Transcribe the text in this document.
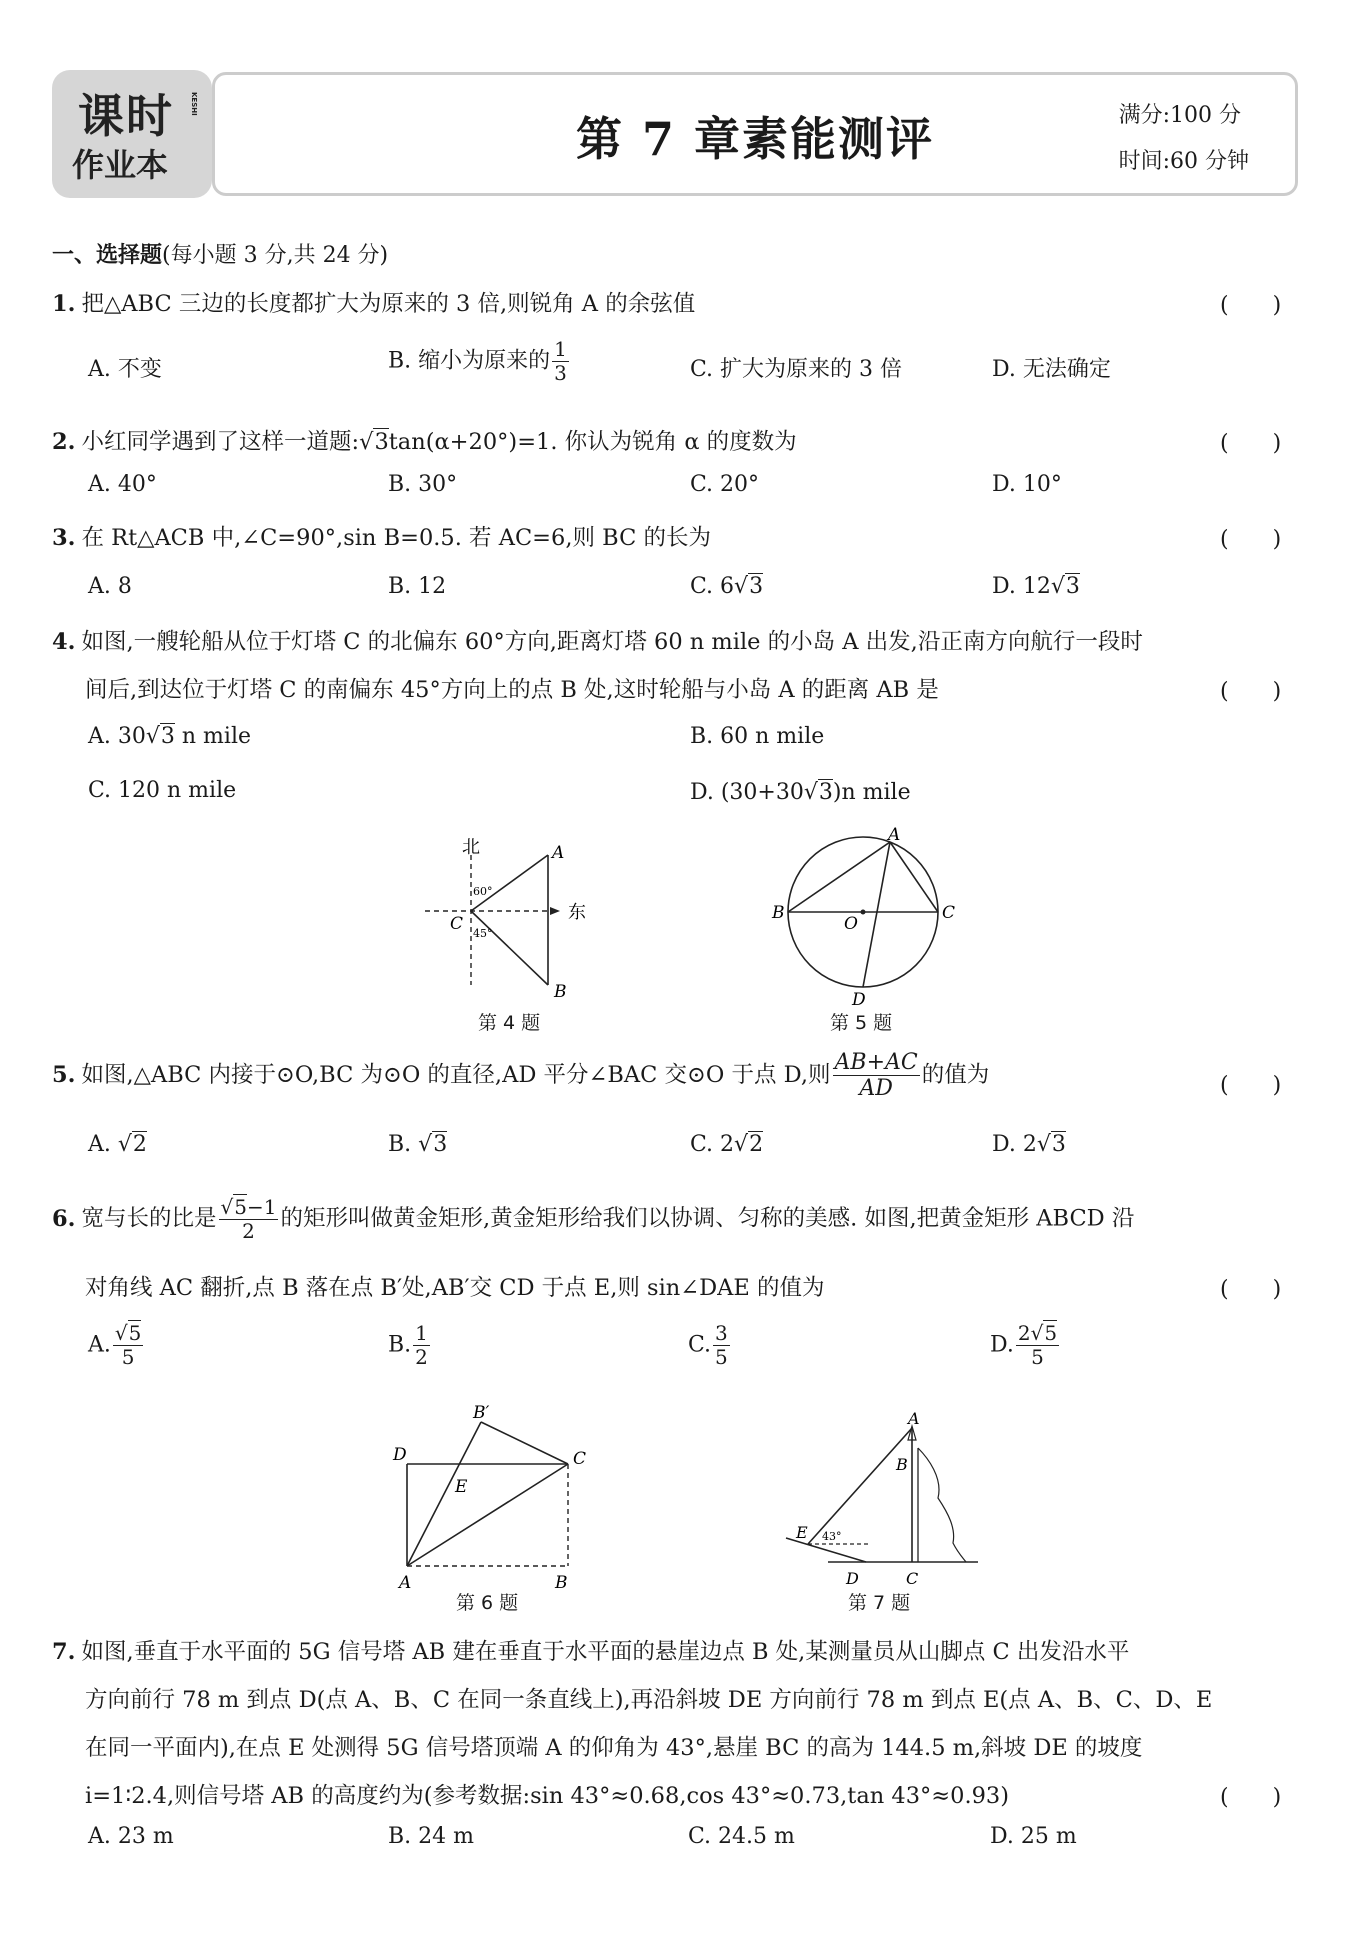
课时
作业本
KESHI
第 7 章素能测评	满分:100 分
时间:60 分钟
一、选择题(每小题 3 分,共 24 分)
1. 把△ABC 三边的长度都扩大为原来的 3 倍,则锐角 A 的余弦值	(　　)
A. 不变	B. 缩小为原来的 $\frac{1}{3}$	C. 扩大为原来的 3 倍	D. 无法确定
2. 小红同学遇到了这样一道题:√3tan(α+20°)=1. 你认为锐角 α 的度数为	(　　)
A. 40°	B. 30°	C. 20°	D. 10°
3. 在 Rt△ACB 中,∠C=90°,sin B=0.5. 若 AC=6,则 BC 的长为	(　　)
A. 8	B. 12	C. 6√3	D. 12√3
4. 如图,一艘轮船从位于灯塔 C 的北偏东 60°方向,距离灯塔 60 n mile 的小岛 A 出发,沿正南方向航行一段时
间后,到达位于灯塔 C 的南偏东 45°方向上的点 B 处,这时轮船与小岛 A 的距离 AB 是	(　　)
A. 30√3 n mile	B. 60 n mile
C. 120 n mile	D. (30+30√3)n mile
北
东
A
B
C
60°
45°
第 4 题
A
B	C
D
O
第 5 题
5. 如图,△ABC 内接于⊙O,BC 为⊙O 的直径,AD 平分∠BAC 交⊙O 于点 D,则 $\frac{AB+AC}{AD}$ 的值为	(　　)
A. √2	B. √3	C. 2√2	D. 2√3
6. 宽与长的比是 $\frac{√5-1}{2}$ 的矩形叫做黄金矩形,黄金矩形给我们以协调、匀称的美感. 如图,把黄金矩形 ABCD 沿
对角线 AC 翻折,点 B 落在点 B′处,AB′交 CD 于点 E,则 sin∠DAE 的值为	(　　)
A. $\frac{√5}{5}$	B. $\frac{1}{2}$	C. $\frac{3}{5}$	D. $\frac{2√5}{5}$
B′
D	C
E
A	B
第 6 题
A
B
C
D
E 43°
第 7 题
7. 如图,垂直于水平面的 5G 信号塔 AB 建在垂直于水平面的悬崖边点 B 处,某测量员从山脚点 C 出发沿水平
方向前行 78 m 到点 D(点 A、B、C 在同一条直线上),再沿斜坡 DE 方向前行 78 m 到点 E(点 A、B、C、D、E
在同一平面内),在点 E 处测得 5G 信号塔顶端 A 的仰角为 43°,悬崖 BC 的高为 144.5 m,斜坡 DE 的坡度
i=1∶2.4,则信号塔 AB 的高度约为(参考数据:sin 43°≈0.68,cos 43°≈0.73,tan 43°≈0.93)	(　　)
A. 23 m	B. 24 m	C. 24.5 m	D. 25 m
